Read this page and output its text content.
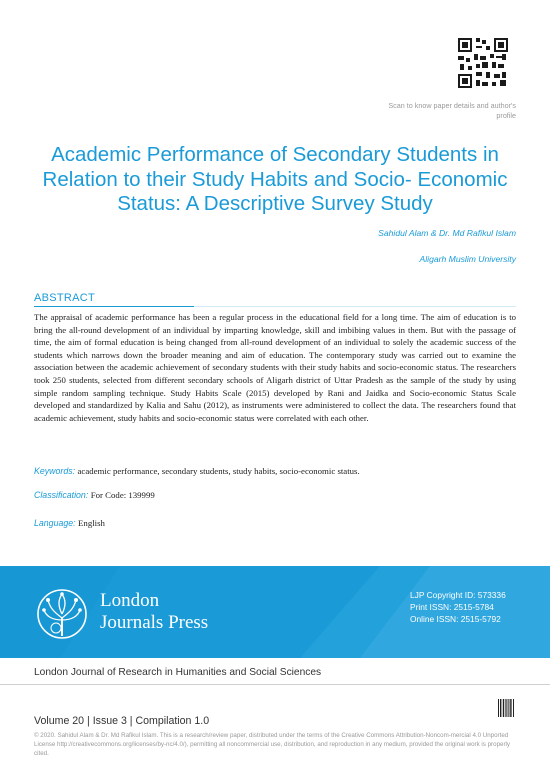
Scan to know paper details and author's profile
Academic Performance of Secondary Students in Relation to their Study Habits and Socio- Economic Status: A Descriptive Survey Study
Sahidul Alam & Dr. Md Rafikul Islam
Aligarh Muslim University
ABSTRACT

The appraisal of academic performance has been a regular process in the educational field for a long time. The aim of education is to bring the all-round development of an individual by imparting knowledge, skill and imbibing values in them. But with the passage of time, the aim of formal education is being changed from all-round development of an individual to solely the academic success of the students which narrows down the broader meaning and aim of education. The contemporary study was carried out to examine the association between the academic achievement of secondary students with their study habits and socio-economic status. The researchers took 250 students, selected from different secondary schools of Aligarh district of Uttar Pradesh as the sample of the study by using simple random sampling technique. Study Habits Scale (2015) developed by Rani and Jaidka and Socio-economic Status Scale developed and standardized by Kalia and Sahu (2012), as instruments were administered to collect the data. The researchers found that academic achievement, study habits and socio-economic status were correlated with each other.

Keywords: academic performance, secondary students, study habits, socio-economic status.
Classification: For Code: 139999
Language: English
London
Journals Press
LJP Copyright ID: 573336
Print ISSN: 2515-5784
Online ISSN: 2515-5792
London Journal of Research in Humanities and Social Sciences
Volume 20 | Issue 3 | Compilation 1.0

© 2020. Sahidul Alam & Dr. Md Rafikul Islam. This is a research/review paper, distributed under the terms of the Creative Commons Attribution-Noncom-mercial 4.0 Unported License http://creativecommons.org/licenses/by-nc/4.0/), permitting all noncommercial use, distribution, and reproduction in any medium, provided the original work is properly cited.
